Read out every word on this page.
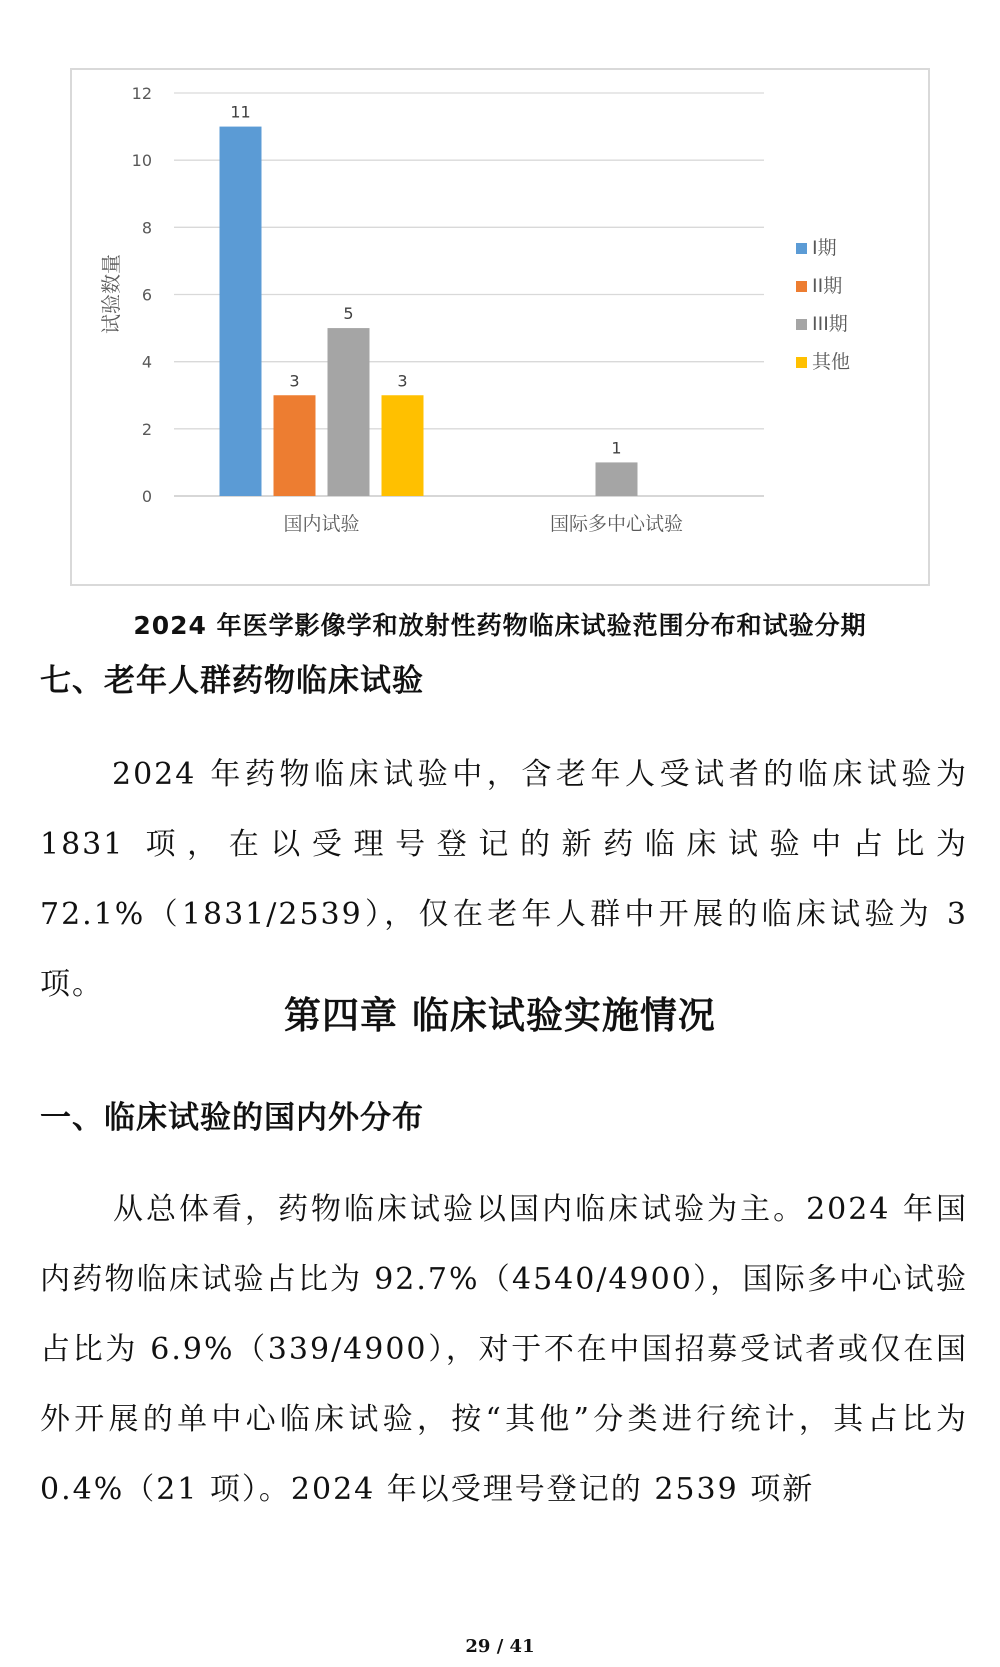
0
2
4
6
8
10
12
试验数量
11
3
5
3
国内试验
1
国际多中心试验
I期
II期
III期
其他
2024 年医学影像学和放射性药物临床试验范围分布和试验分期
七、老年人群药物临床试验

2024 年药物临床试验中，含老年人受试者的临床试验为 1831 项，在以受理号登记的新药临床试验中占比为 72.1%（1831/2539），仅在老年人群中开展的临床试验为 3 项。

第四章 临床试验实施情况
一、临床试验的国内外分布

从总体看，药物临床试验以国内临床试验为主。2024 年国内药物临床试验占比为 92.7%（4540/4900），国际多中心试验占比为 6.9%（339/4900），对于不在中国招募受试者或仅在国外开展的单中心临床试验，按“其他”分类进行统计，其占比为 0.4%（21 项）。2024 年以受理号登记的 2539 项新

29 / 41
